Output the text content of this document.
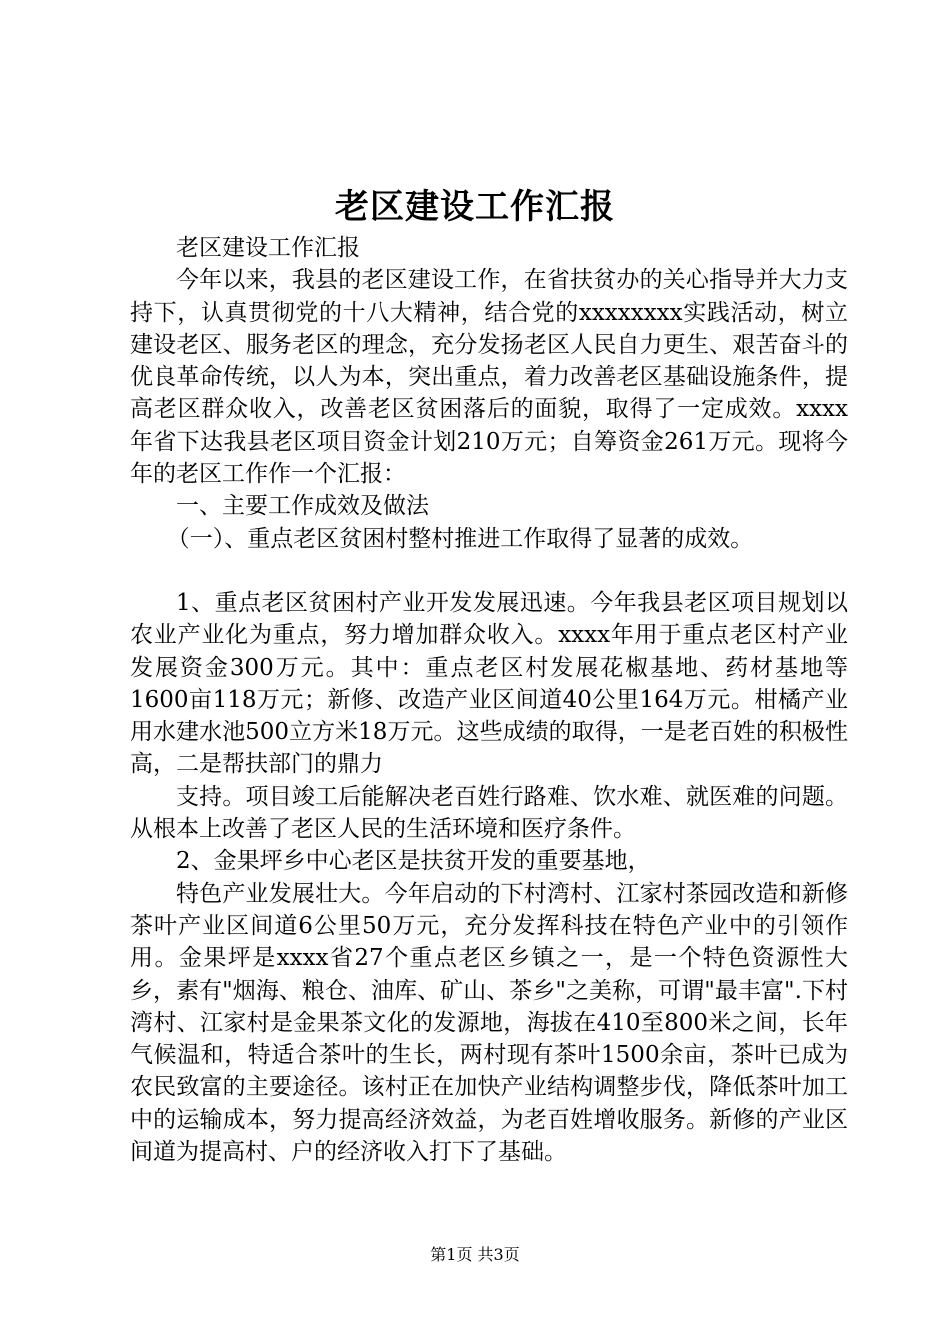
老区建设工作汇报

老区建设工作汇报

今年以来，我县的老区建设工作，在省扶贫办的关心指导并大力支持下，认真贯彻党的十八大精神，结合党的xxxxxxxx实践活动，树立建设老区、服务老区的理念，充分发扬老区人民自力更生、艰苦奋斗的优良革命传统，以人为本，突出重点，着力改善老区基础设施条件，提高老区群众收入，改善老区贫困落后的面貌，取得了一定成效。xxxx年省下达我县老区项目资金计划210万元；自筹资金261万元。现将今年的老区工作作一个汇报：

一、主要工作成效及做法

（一）、重点老区贫困村整村推进工作取得了显著的成效。

1、重点老区贫困村产业开发发展迅速。今年我县老区项目规划以农业产业化为重点，努力增加群众收入。xxxx年用于重点老区村产业发展资金300万元。其中：重点老区村发展花椒基地、药材基地等1600亩118万元；新修、改造产业区间道40公里164万元。柑橘产业用水建水池500立方米18万元。这些成绩的取得，一是老百姓的积极性高，二是帮扶部门的鼎力

支持。项目竣工后能解决老百姓行路难、饮水难、就医难的问题。从根本上改善了老区人民的生活环境和医疗条件。

2、金果坪乡中心老区是扶贫开发的重要基地，

特色产业发展壮大。今年启动的下村湾村、江家村茶园改造和新修茶叶产业区间道6公里50万元，充分发挥科技在特色产业中的引领作用。金果坪是xxxx省27个重点老区乡镇之一，是一个特色资源性大乡，素有"烟海、粮仓、油库、矿山、茶乡"之美称，可谓"最丰富".下村湾村、江家村是金果茶文化的发源地，海拔在410至800米之间，长年气候温和，特适合茶叶的生长，两村现有茶叶1500余亩，茶叶已成为农民致富的主要途径。该村正在加快产业结构调整步伐，降低茶叶加工中的运输成本，努力提高经济效益，为老百姓增收服务。新修的产业区间道为提高村、户的经济收入打下了基础。

第1页 共3页
